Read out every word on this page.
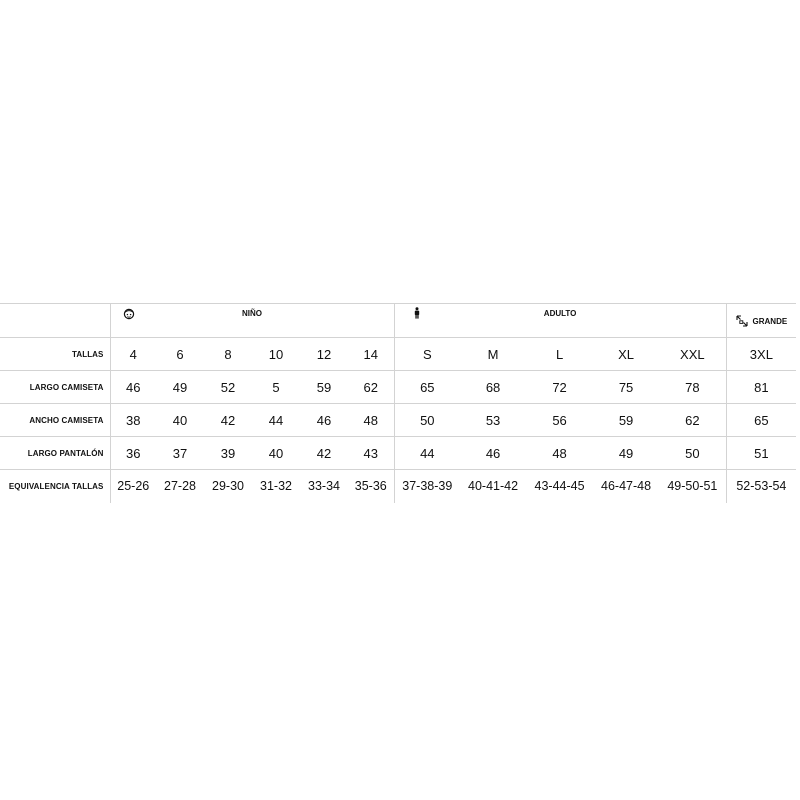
	NIÑO						ADULTO					GRANDE

TALLAS	4	6	8	10	12	14	S	M	L	XL	XXL	3XL
LARGO CAMISETA	46	49	52	5	59	62	65	68	72	75	78	81
ANCHO CAMISETA	38	40	42	44	46	48	50	53	56	59	62	65
LARGO PANTALÓN	36	37	39	40	42	43	44	46	48	49	50	51
EQUIVALENCIA TALLAS	25-26	27-28	29-30	31-32	33-34	35-36	37-38-39	40-41-42	43-44-45	46-47-48	49-50-51	52-53-54
